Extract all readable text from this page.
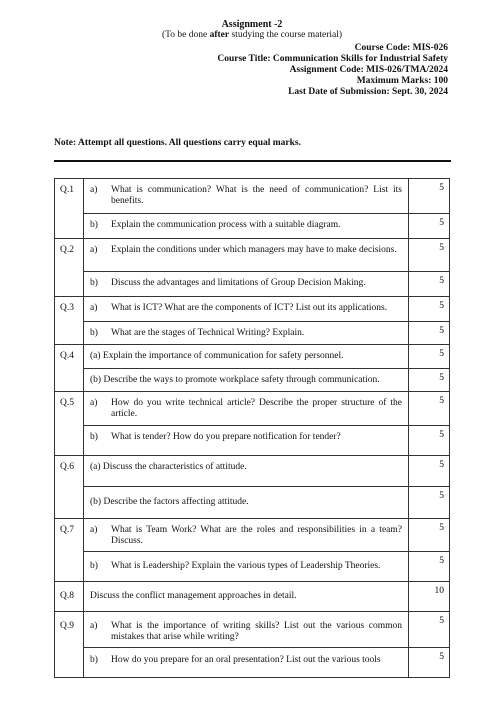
Assignment -2
(To be done after studying the course material)
Course Code: MIS-026
Course Title: Communication Skills for Industrial Safety
Assignment Code: MIS-026/TMA/2024
Maximum Marks: 100
Last Date of Submission: Sept. 30, 2024
Note: Attempt all questions. All questions carry equal marks.
Q.1	a) What is communication? What is the need of communication? List its benefits.	5

	b) Explain the communication process with a suitable diagram.	5
Q.2	a) Explain the conditions under which managers may have to make decisions.	5

	b) Discuss the advantages and limitations of Group Decision Making.	5
Q.3	a) What is ICT? What are the components of ICT? List out its applications.	5

	b) What are the stages of Technical Writing? Explain.	5
Q.4	(a) Explain the importance of communication for safety personnel.	5
	(b) Describe the ways to promote workplace safety through communication.	5
Q.5	a) How do you write technical article? Describe the proper structure of the article.	5

	b) What is tender? How do you prepare notification for tender?	5
Q.6	(a) Discuss the characteristics of attitude.	5
	(b) Describe the factors affecting attitude.	5
Q.7	a) What is Team Work? What are the roles and responsibilities in a team? Discuss.	5

	b) What is Leadership? Explain the various types of Leadership Theories.	5
Q.8	Discuss the conflict management approaches in detail.	10
Q.9	a) What is the importance of writing skills? List out the various common mistakes that arise while writing?	5

	b) How do you prepare for an oral presentation? List out the various tools	5
